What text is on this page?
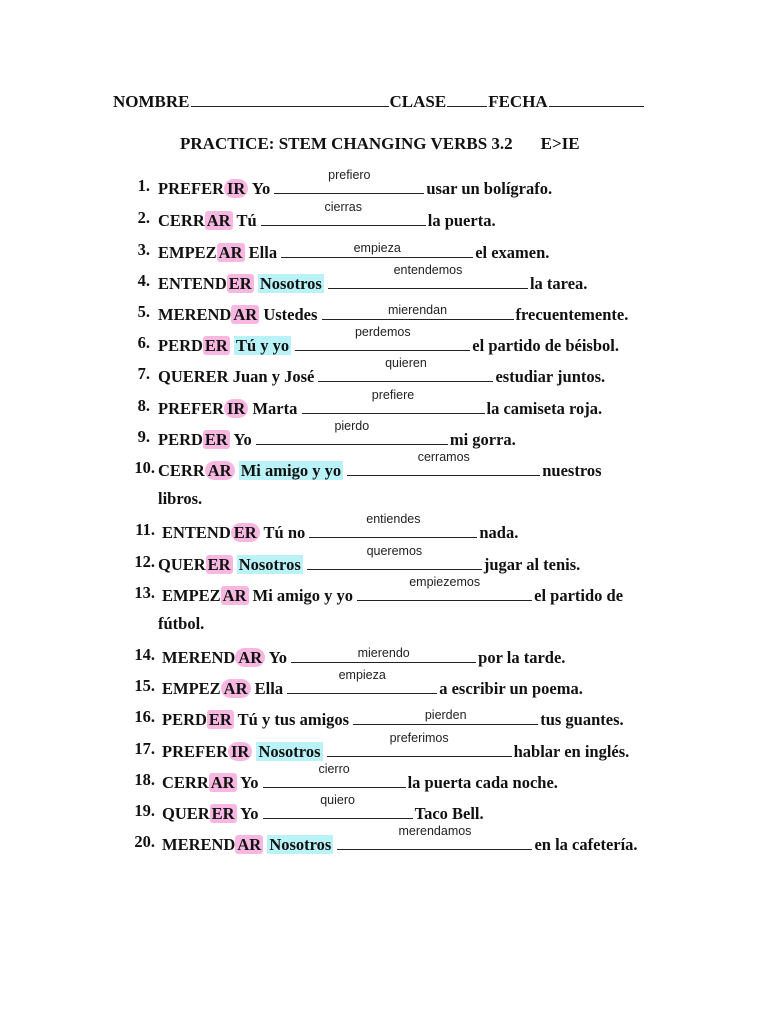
NOMBRE	CLASE FECHA
PRACTICE: STEM CHANGING VERBS 3.2 E>IE
1. PREFER IR Yo
prefiero
usar un bolígrafo.
2. CERR AR Tú
cierras
la puerta.
3. EMPEZ AR Ella	empieza	el examen.
4. ENTEND ER Nosotros
entendemos
la tarea.
5. MEREND AR Ustedes	mierendan	frecuentemente.
6. PERD ER Tú y yo
perdemos
el partido de béisbol.
7. QUERER Juan y José
quieren
estudiar juntos.
8. PREFER IR Marta
prefiere
la camiseta roja.
9. PERD ER Yo
pierdo
mi gorra.
10. CERR AR Mi amigo y yo
cerramos
nuestros
libros.
11. ENTEND ER Tú no
entiendes
nada.
12. QUER ER Nosotros
queremos
jugar al tenis.
13. EMPEZ AR Mi amigo y yo
empiezemos
el partido de
fútbol.
14. MEREND AR Yo	mierendo	por la tarde.
15. EMPEZ AR Ella
empieza
a escribir un poema.
16. PERD ER Tú y tus amigos	pierden	tus guantes.
17. PREFER IR Nosotros
preferimos
hablar en inglés.
18. CERR AR Yo
cierro
la puerta cada noche.
19. QUER ER Yo
quiero
Taco Bell.
20. MEREND AR Nosotros
merendamos
en la cafetería.
